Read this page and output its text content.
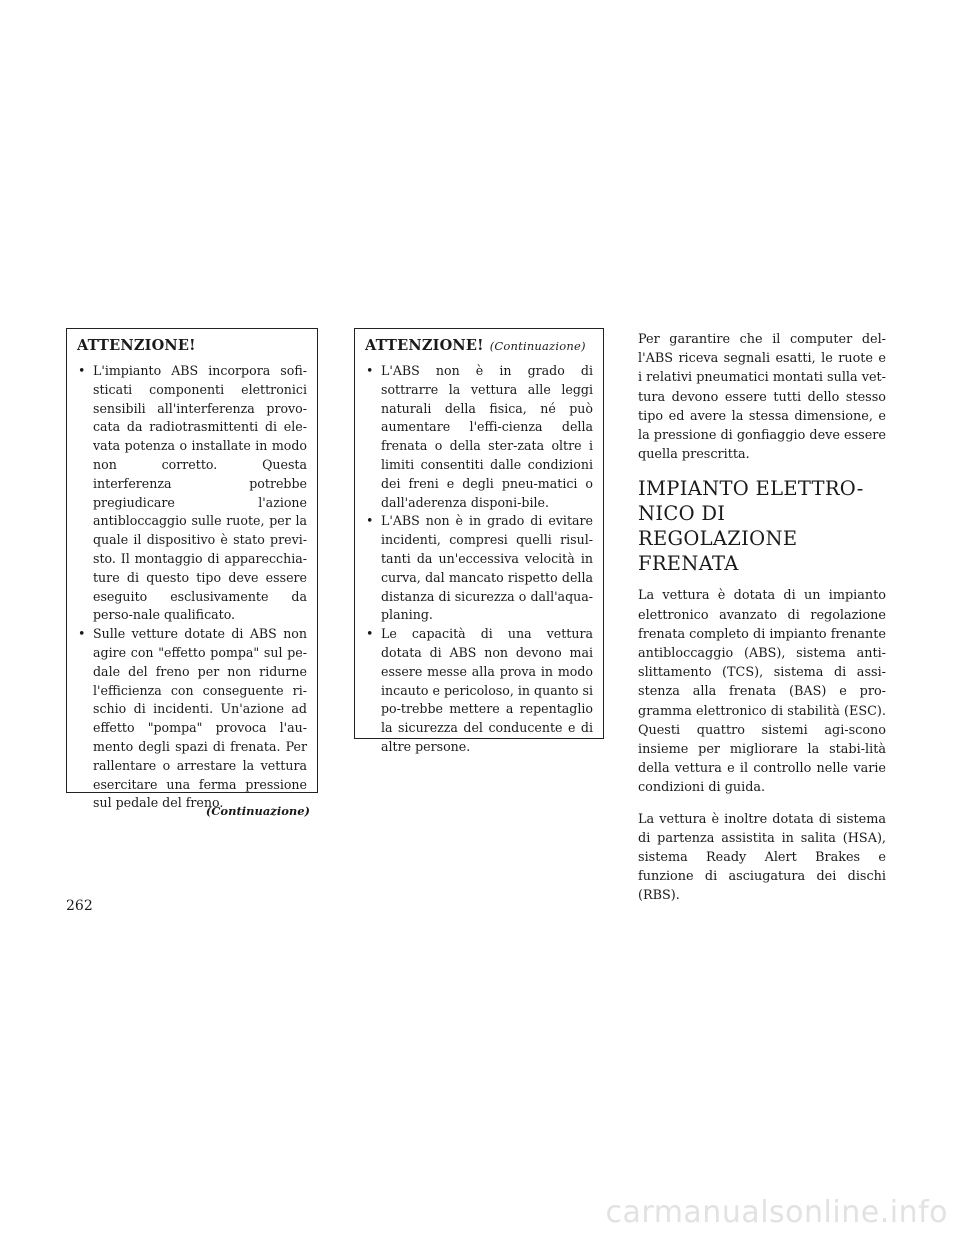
ATTENZIONE!
• L'impianto ABS incorpora sofi-sticati componenti elettronici sensibili all'interferenza provo-cata da radiotrasmittenti di ele-vata potenza o installate in modo non corretto. Questa interferenza potrebbe pregiudicare l'azione antibloccaggio sulle ruote, per la quale il dispositivo è stato previ-sto. Il montaggio di apparecchia-ture di questo tipo deve essere eseguito esclusivamente da perso-nale qualificato.
• Sulle vetture dotate di ABS non agire con "effetto pompa" sul pe-dale del freno per non ridurne l'efficienza con conseguente ri-schio di incidenti. Un'azione ad effetto "pompa" provoca l'au-mento degli spazi di frenata. Per rallentare o arrestare la vettura esercitare una ferma pressione sul pedale del freno.
(Continuazione)
ATTENZIONE! (Continuazione)
• L'ABS non è in grado di sottrarre la vettura alle leggi naturali della fisica, né può aumentare l'effi-cienza della frenata o della ster-zata oltre i limiti consentiti dalle condizioni dei freni e degli pneu-matici o dall'aderenza disponi-bile.
• L'ABS non è in grado di evitare incidenti, compresi quelli risul-tanti da un'eccessiva velocità in curva, dal mancato rispetto della distanza di sicurezza o dall'aqua-planing.
• Le capacità di una vettura dotata di ABS non devono mai essere messe alla prova in modo incauto e pericoloso, in quanto si po-trebbe mettere a repentaglio la sicurezza del conducente e di altre persone.

Per garantire che il computer del-l'ABS riceva segnali esatti, le ruote e i relativi pneumatici montati sulla vet-tura devono essere tutti dello stesso tipo ed avere la stessa dimensione, e la pressione di gonfiaggio deve essere quella prescritta.

IMPIANTO ELETTRO-NICO DI REGOLAZIONE FRENATA

La vettura è dotata di un impianto elettronico avanzato di regolazione frenata completo di impianto frenante antibloccaggio (ABS), sistema anti-slittamento (TCS), sistema di assi-stenza alla frenata (BAS) e pro-gramma elettronico di stabilità (ESC). Questi quattro sistemi agi-scono insieme per migliorare la stabi-lità della vettura e il controllo nelle varie condizioni di guida.

La vettura è inoltre dotata di sistema di partenza assistita in salita (HSA), sistema Ready Alert Brakes e funzione di asciugatura dei dischi (RBS).

262
carmanualsonline.info
